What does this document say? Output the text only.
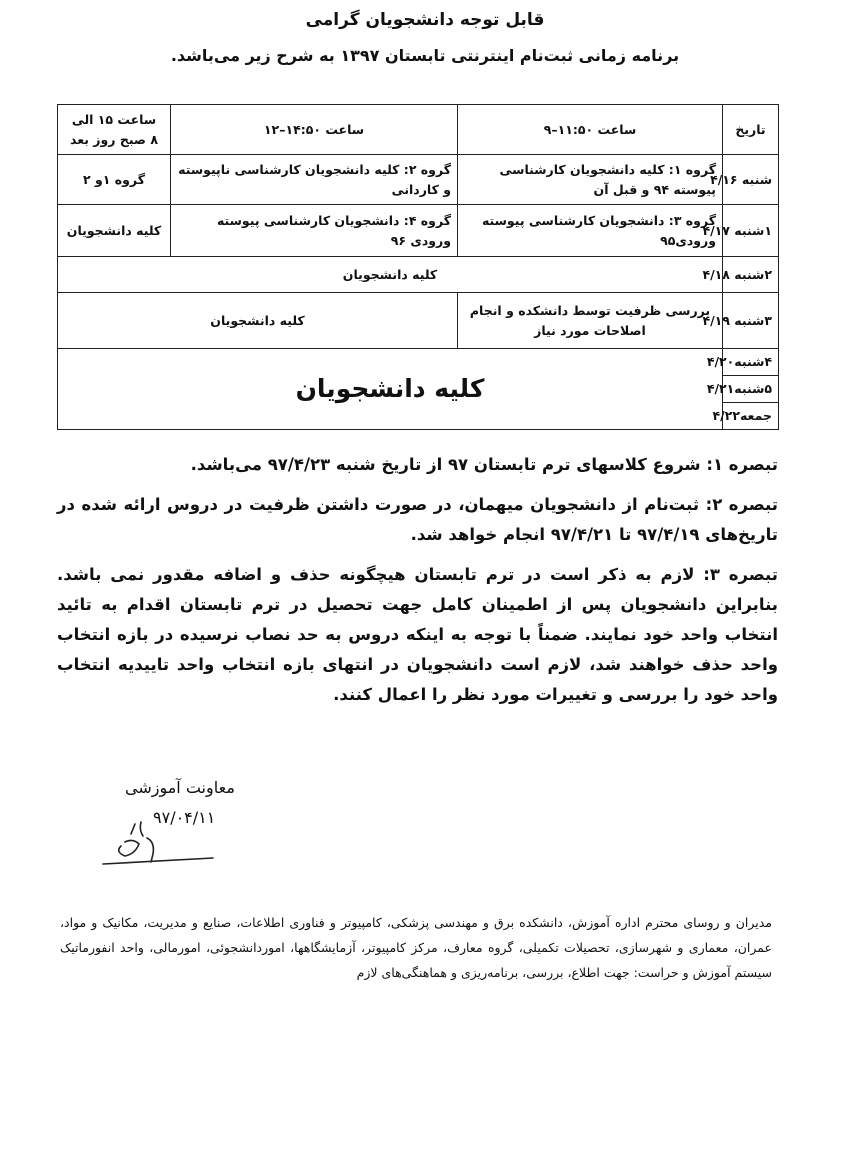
قابل توجه دانشجویان گرامی
برنامه زمانی ثبت‌نام اینترنتی تابستان ۱۳۹۷ به شرح زیر می‌باشد.
تاریخ	ساعت ۱۱:۵۰–۹	ساعت ۱۴:۵۰–۱۲	ساعت ۱۵ الی
۸ صبح روز بعد

شنبه ۴/۱۶	گروه ۱: کلیه دانشجویان کارشناسی پیوسته ۹۴ و قبل آن	گروه ۲: کلیه دانشجویان کارشناسی ناپیوسته و کاردانی	گروه ۱و ۲
۱شنبه ۴/۱۷	گروه ۳: دانشجویان کارشناسی پیوسته ورودی۹۵	گروه ۴: دانشجویان کارشناسی پیوسته ورودی ۹۶	کلیه دانشجویان
۲شنبه ۴/۱۸	کلیه دانشجویان		
۳شنبه ۴/۱۹	بررسی ظرفیت توسط دانشکده و انجام اصلاحات مورد نیاز	کلیه دانشجویان	
۴شنبه۴/۲۰	کلیه دانشجویان		
۵شنبه۴/۲۱			
جمعه۴/۲۲			

تبصره ۱: شروع کلاسهای ترم تابستان ۹۷ از تاریخ شنبه ۹۷/۴/۲۳ می‌باشد.

تبصره ۲: ثبت‌نام از دانشجویان میهمان، در صورت داشتن ظرفیت در دروس ارائه شده در تاریخ‌های ۹۷/۴/۱۹ تا ۹۷/۴/۲۱ انجام خواهد شد.

تبصره ۳: لازم به ذکر است در ترم تابستان هیچگونه حذف و اضافه مقدور نمی باشد. بنابراین دانشجویان پس از اطمینان کامل جهت تحصیل در ترم تابستان اقدام به تائید انتخاب واحد خود نمایند. ضمناً با توجه به اینکه دروس به حد نصاب نرسیده در بازه انتخاب واحد حذف خواهند شد، لازم است دانشجویان در انتهای بازه انتخاب واحد تاییدیه انتخاب واحد خود را بررسی و تغییرات مورد نظر را اعمال کنند.

معاونت آموزشی
۹۷/۰۴/۱۱
مدیران و روسای محترم اداره آموزش، دانشکده برق و مهندسی پزشکی، کامپیوتر و فناوری اطلاعات، صنایع و مدیریت، مکانیک و مواد، عمران، معماری و شهرسازی، تحصیلات تکمیلی، گروه معارف، مرکز کامپیوتر، آزمایشگاهها، اموردانشجوئی، امورمالی، واحد انفورماتیک سیستم آموزش و حراست: جهت اطلاع، بررسی، برنامه‌ریزی و هماهنگی‌های لازم
